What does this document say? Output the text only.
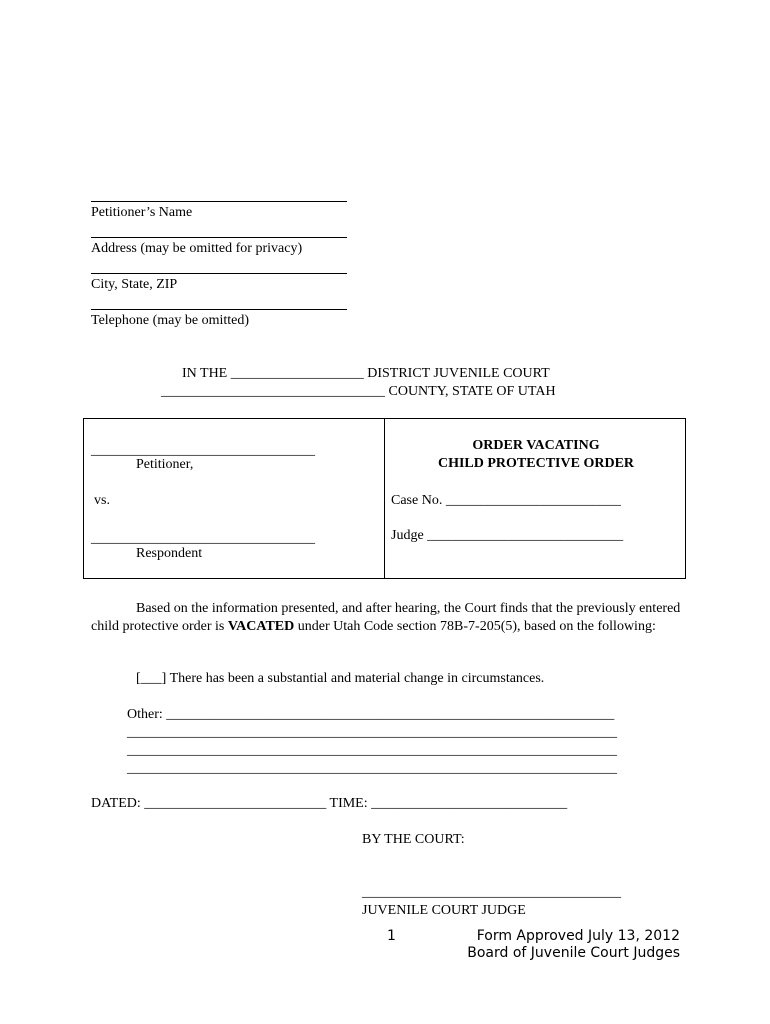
Petitioner’s Name
Address (may be omitted for privacy)
City, State, ZIP
Telephone (may be omitted)
IN THE ___________________ DISTRICT JUVENILE COURT
________________________________ COUNTY, STATE OF UTAH
________________________________
Petitioner,
vs.
________________________________
Respondent
ORDER VACATING
CHILD PROTECTIVE ORDER
Case No. _________________________
Judge ____________________________
Based on the information presented, and after hearing, the Court finds that the previously entered child protective order is VACATED under Utah Code section 78B-7-205(5), based on the following:
[___] There has been a substantial and material change in circumstances.
Other: ________________________________________________________________
______________________________________________________________________
______________________________________________________________________
______________________________________________________________________
DATED: __________________________ TIME: ____________________________
BY THE COURT:
_____________________________________
JUVENILE COURT JUDGE
1	Form Approved July 13, 2012
Board of Juvenile Court Judges
